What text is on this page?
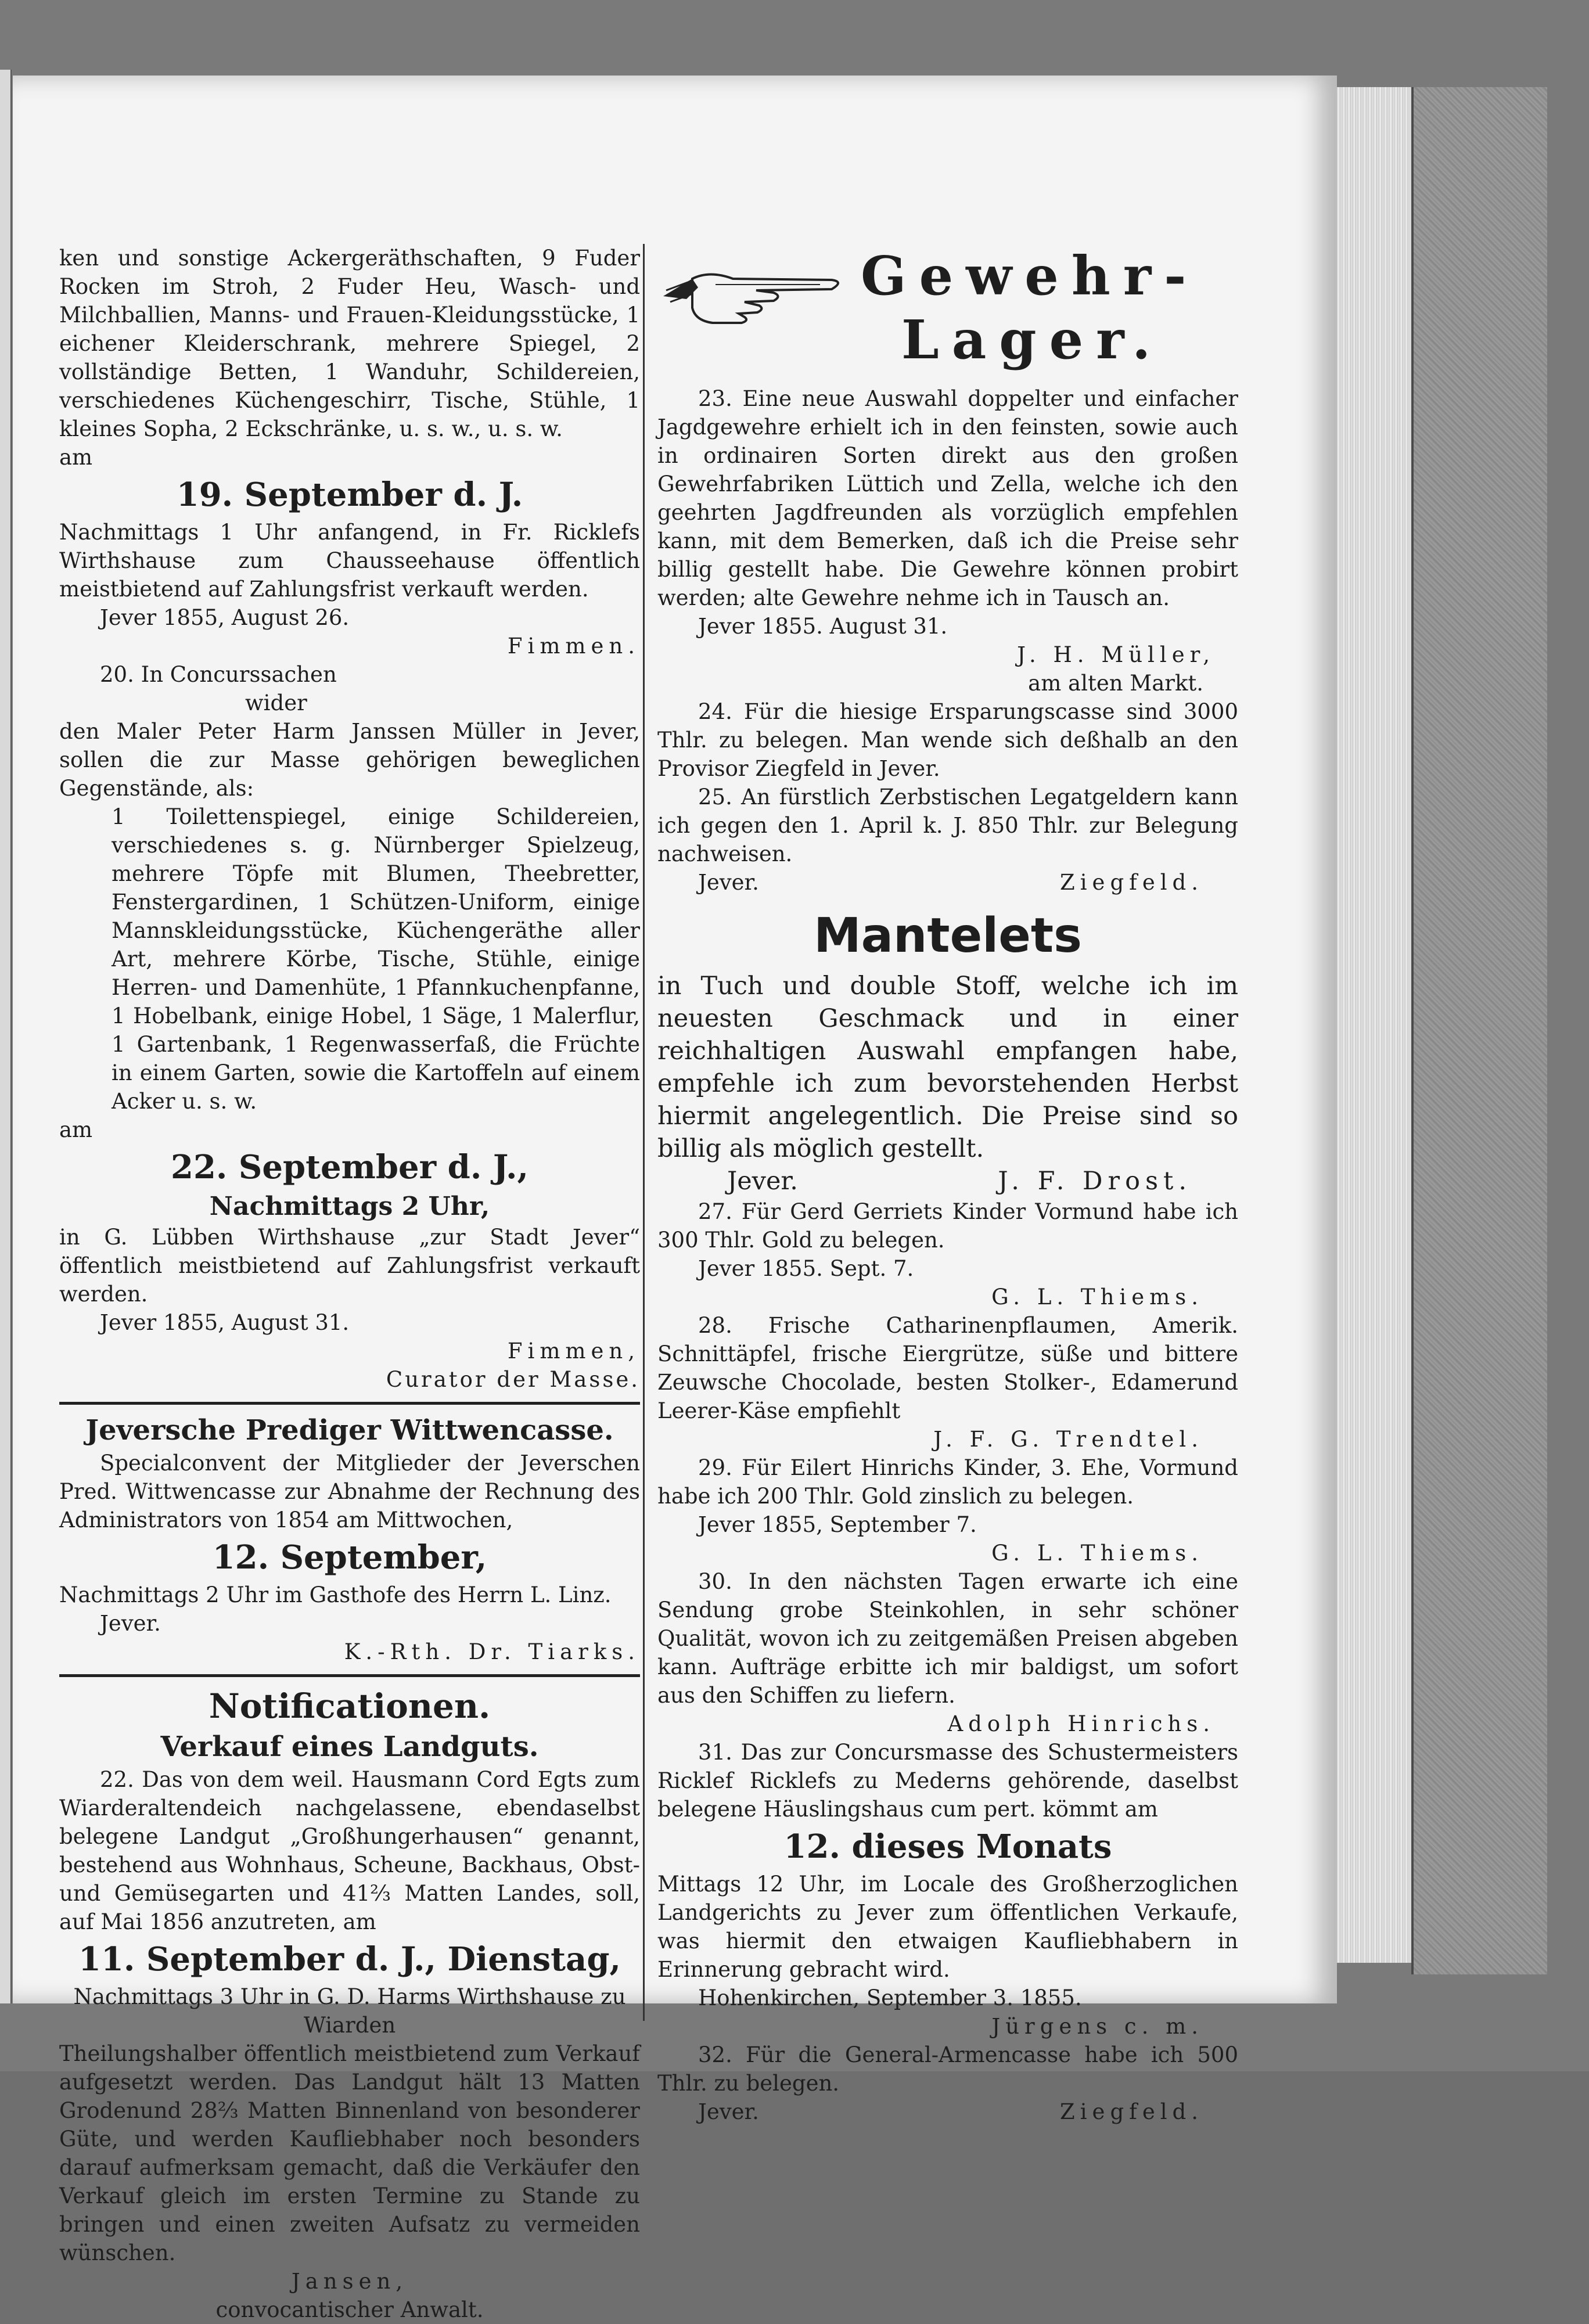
ken und sonstige Ackergeräthschaften, 9 Fuder Rocken im Stroh, 2 Fuder Heu, Wasch- und Milchballien, Manns- und Frauen-Kleidungsstücke, 1 eichener Kleiderschrank, mehrere Spiegel, 2 vollständige Betten, 1 Wanduhr, Schildereien, verschiedenes Küchengeschirr, Tische, Stühle, 1 kleines Sopha, 2 Eckschränke, u. s. w., u. s. w.

am

19. September d. J.

Nachmittags 1 Uhr anfangend, in Fr. Ricklefs Wirthshause zum Chausseehause öffentlich meistbietend auf Zahlungsfrist verkauft werden.

Jever 1855, August 26.

Fimmen.

20. In Concurssachen

wider

den Maler Peter Harm Janssen Müller in Jever, sollen die zur Masse gehörigen beweglichen Gegenstände, als:

1 Toilettenspiegel, einige Schildereien, verschiedenes s. g. Nürnberger Spielzeug, mehrere Töpfe mit Blumen, Theebretter, Fenstergardinen, 1 Schützen-Uniform, einige Mannskleidungsstücke, Küchengeräthe aller Art, mehrere Körbe, Tische, Stühle, einige Herren- und Damenhüte, 1 Pfannkuchenpfanne, 1 Hobelbank, einige Hobel, 1 Säge, 1 Malerflur, 1 Gartenbank, 1 Regenwasserfaß, die Früchte in einem Garten, sowie die Kartoffeln auf einem Acker u. s. w.

am

22. September d. J.,

Nachmittags 2 Uhr,

in G. Lübben Wirthshause „zur Stadt Jever“ öffentlich meistbietend auf Zahlungsfrist verkauft werden.

Jever 1855, August 31.

Fimmen,

Curator der Masse.

Jeversche Prediger Wittwencasse.

Specialconvent der Mitglieder der Jeverschen Pred. Wittwencasse zur Abnahme der Rechnung des Administrators von 1854 am Mittwochen,

12. September,

Nachmittags 2 Uhr im Gasthofe des Herrn L. Linz.

Jever.

K.-Rth. Dr. Tiarks.

Notificationen.

Verkauf eines Landguts.

22. Das von dem weil. Hausmann Cord Egts zum Wiarderaltendeich nachgelassene, ebendaselbst belegene Landgut „Großhungerhausen“ genannt, bestehend aus Wohnhaus, Scheune, Backhaus, Obst- und Gemüsegarten und 41⅔ Matten Landes, soll, auf Mai 1856 anzutreten, am

11. September d. J., Dienstag,

Nachmittags 3 Uhr in G. D. Harms Wirthshause zu Wiarden

Theilungshalber öffentlich meistbietend zum Verkauf aufgesetzt werden. Das Landgut hält 13 Matten Grodenund 28⅔ Matten Binnenland von besonderer Güte, und werden Kaufliebhaber noch besonders darauf aufmerksam gemacht, daß die Verkäufer den Verkauf gleich im ersten Termine zu Stande zu bringen und einen zweiten Aufsatz zu vermeiden wünschen.

Jansen,

convocantischer Anwalt.

Gewehr-

Lager.

23. Eine neue Auswahl doppelter und einfacher Jagdgewehre erhielt ich in den feinsten, sowie auch in ordinairen Sorten direkt aus den großen Gewehrfabriken Lüttich und Zella, welche ich den geehrten Jagdfreunden als vorzüglich empfehlen kann, mit dem Bemerken, daß ich die Preise sehr billig gestellt habe. Die Gewehre können probirt werden; alte Gewehre nehme ich in Tausch an.

Jever 1855. August 31.

J. H. Müller,

am alten Markt.

24. Für die hiesige Ersparungscasse sind 3000 Thlr. zu belegen. Man wende sich deßhalb an den Provisor Ziegfeld in Jever.

25. An fürstlich Zerbstischen Legatgeldern kann ich gegen den 1. April k. J. 850 Thlr. zur Belegung nachweisen.

Jever.	Ziegfeld.

Mantelets

in Tuch und double Stoff, welche ich im neuesten Geschmack und in einer reichhaltigen Auswahl empfangen habe, empfehle ich zum bevorstehenden Herbst hiermit angelegentlich. Die Preise sind so billig als möglich gestellt.

Jever.	J. F. Drost.

27. Für Gerd Gerriets Kinder Vormund habe ich 300 Thlr. Gold zu belegen.

Jever 1855. Sept. 7.

G. L. Thiems.

28. Frische Catharinenpflaumen, Amerik. Schnittäpfel, frische Eiergrütze, süße und bittere Zeuwsche Chocolade, besten Stolker-, Edamerund Leerer-Käse empfiehlt

J. F. G. Trendtel.

29. Für Eilert Hinrichs Kinder, 3. Ehe, Vormund habe ich 200 Thlr. Gold zinslich zu belegen.

Jever 1855, September 7.

G. L. Thiems.

30. In den nächsten Tagen erwarte ich eine Sendung grobe Steinkohlen, in sehr schöner Qualität, wovon ich zu zeitgemäßen Preisen abgeben kann. Aufträge erbitte ich mir baldigst, um sofort aus den Schiffen zu liefern.

Adolph Hinrichs.

31. Das zur Concursmasse des Schustermeisters Ricklef Ricklefs zu Mederns gehörende, daselbst belegene Häuslingshaus cum pert. kömmt am

12. dieses Monats

Mittags 12 Uhr, im Locale des Großherzoglichen Landgerichts zu Jever zum öffentlichen Verkaufe, was hiermit den etwaigen Kaufliebhabern in Erinnerung gebracht wird.

Hohenkirchen, September 3. 1855.

Jürgens c. m.

32. Für die General-Armencasse habe ich 500 Thlr. zu belegen.

Jever.	Ziegfeld.
